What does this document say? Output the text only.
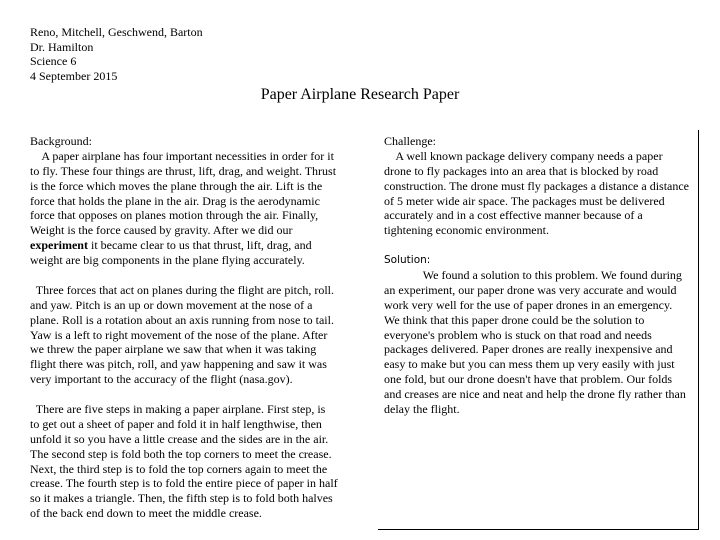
Reno, Mitchell, Geschwend, Barton
Dr. Hamilton
Science 6
4 September 2015
Paper Airplane Research Paper
Background:
A paper airplane has four important necessities in order for it
to fly. These four things are thrust, lift, drag, and weight. Thrust
is the force which moves the plane through the air. Lift is the
force that holds the plane in the air. Drag is the aerodynamic
force that opposes on planes motion through the air. Finally,
Weight is the force caused by gravity. After we did our
experiment it became clear to us that thrust, lift, drag, and
weight are big components in the plane flying accurately.
Three forces that act on planes during the flight are pitch, roll.
and yaw. Pitch is an up or down movement at the nose of a
plane. Roll is a rotation about an axis running from nose to tail.
Yaw is a left to right movement of the nose of the plane. After
we threw the paper airplane we saw that when it was taking
flight there was pitch, roll, and yaw happening and saw it was
very important to the accuracy of the flight (nasa.gov).
There are five steps in making a paper airplane. First step, is
to get out a sheet of paper and fold it in half lengthwise, then
unfold it so you have a little crease and the sides are in the air.
The second step is fold both the top corners to meet the crease.
Next, the third step is to fold the top corners again to meet the
crease. The fourth step is to fold the entire piece of paper in half
so it makes a triangle. Then, the fifth step is to fold both halves
of the back end down to meet the middle crease.
Challenge:
A well known package delivery company needs a paper
drone to fly packages into an area that is blocked by road
construction. The drone must fly packages a distance a distance
of 5 meter wide air space. The packages must be delivered
accurately and in a cost effective manner because of a
tightening economic environment.
Solution:
We found a solution to this problem. We found during
an experiment, our paper drone was very accurate and would
work very well for the use of paper drones in an emergency.
We think that this paper drone could be the solution to
everyone's problem who is stuck on that road and needs
packages delivered. Paper drones are really inexpensive and
easy to make but you can mess them up very easily with just
one fold, but our drone doesn't have that problem. Our folds
and creases are nice and neat and help the drone fly rather than
delay the flight.
